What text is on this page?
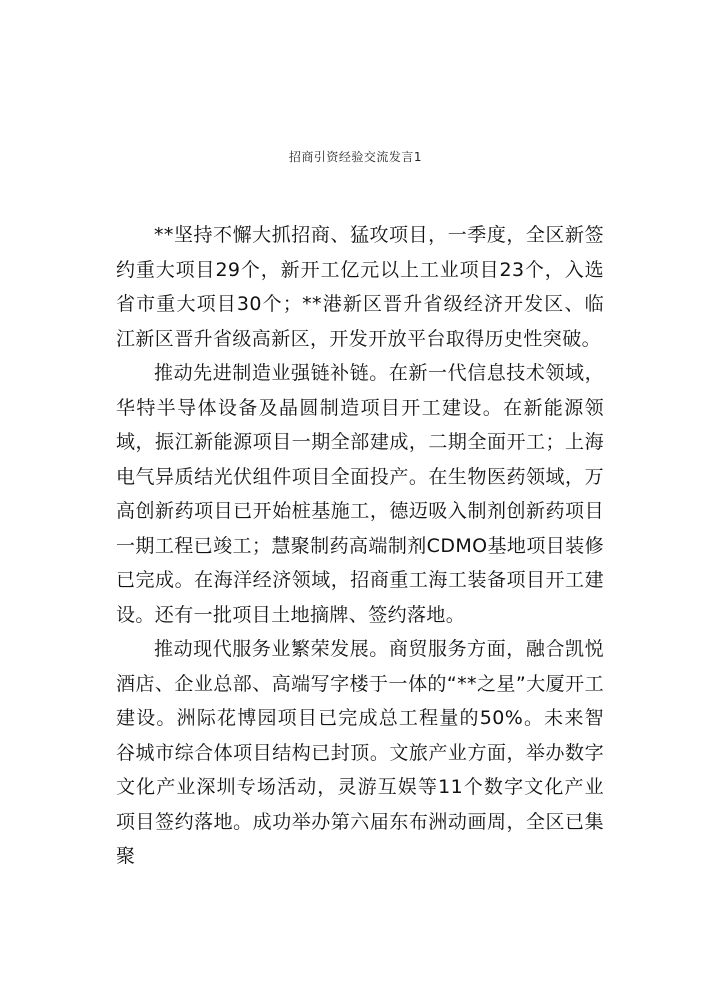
招商引资经验交流发言1

**坚持不懈大抓招商、猛攻项目，一季度，全区新签约重大项目29个，新开工亿元以上工业项目23个，入选省市重大项目30个；**港新区晋升省级经济开发区、临江新区晋升省级高新区，开发开放平台取得历史性突破。

推动先进制造业强链补链。在新一代信息技术领域，华特半导体设备及晶圆制造项目开工建设。在新能源领域，振江新能源项目一期全部建成，二期全面开工；上海电气异质结光伏组件项目全面投产。在生物医药领域，万高创新药项目已开始桩基施工，德迈吸入制剂创新药项目一期工程已竣工；慧聚制药高端制剂CDMO基地项目装修已完成。在海洋经济领域，招商重工海工装备项目开工建设。还有一批项目土地摘牌、签约落地。

推动现代服务业繁荣发展。商贸服务方面，融合凯悦酒店、企业总部、高端写字楼于一体的“**之星”大厦开工建设。洲际花博园项目已完成总工程量的50%。未来智谷城市综合体项目结构已封顶。文旅产业方面，举办数字文化产业深圳专场活动，灵游互娱等11个数字文化产业项目签约落地。成功举办第六届东布洲动画周，全区已集聚
